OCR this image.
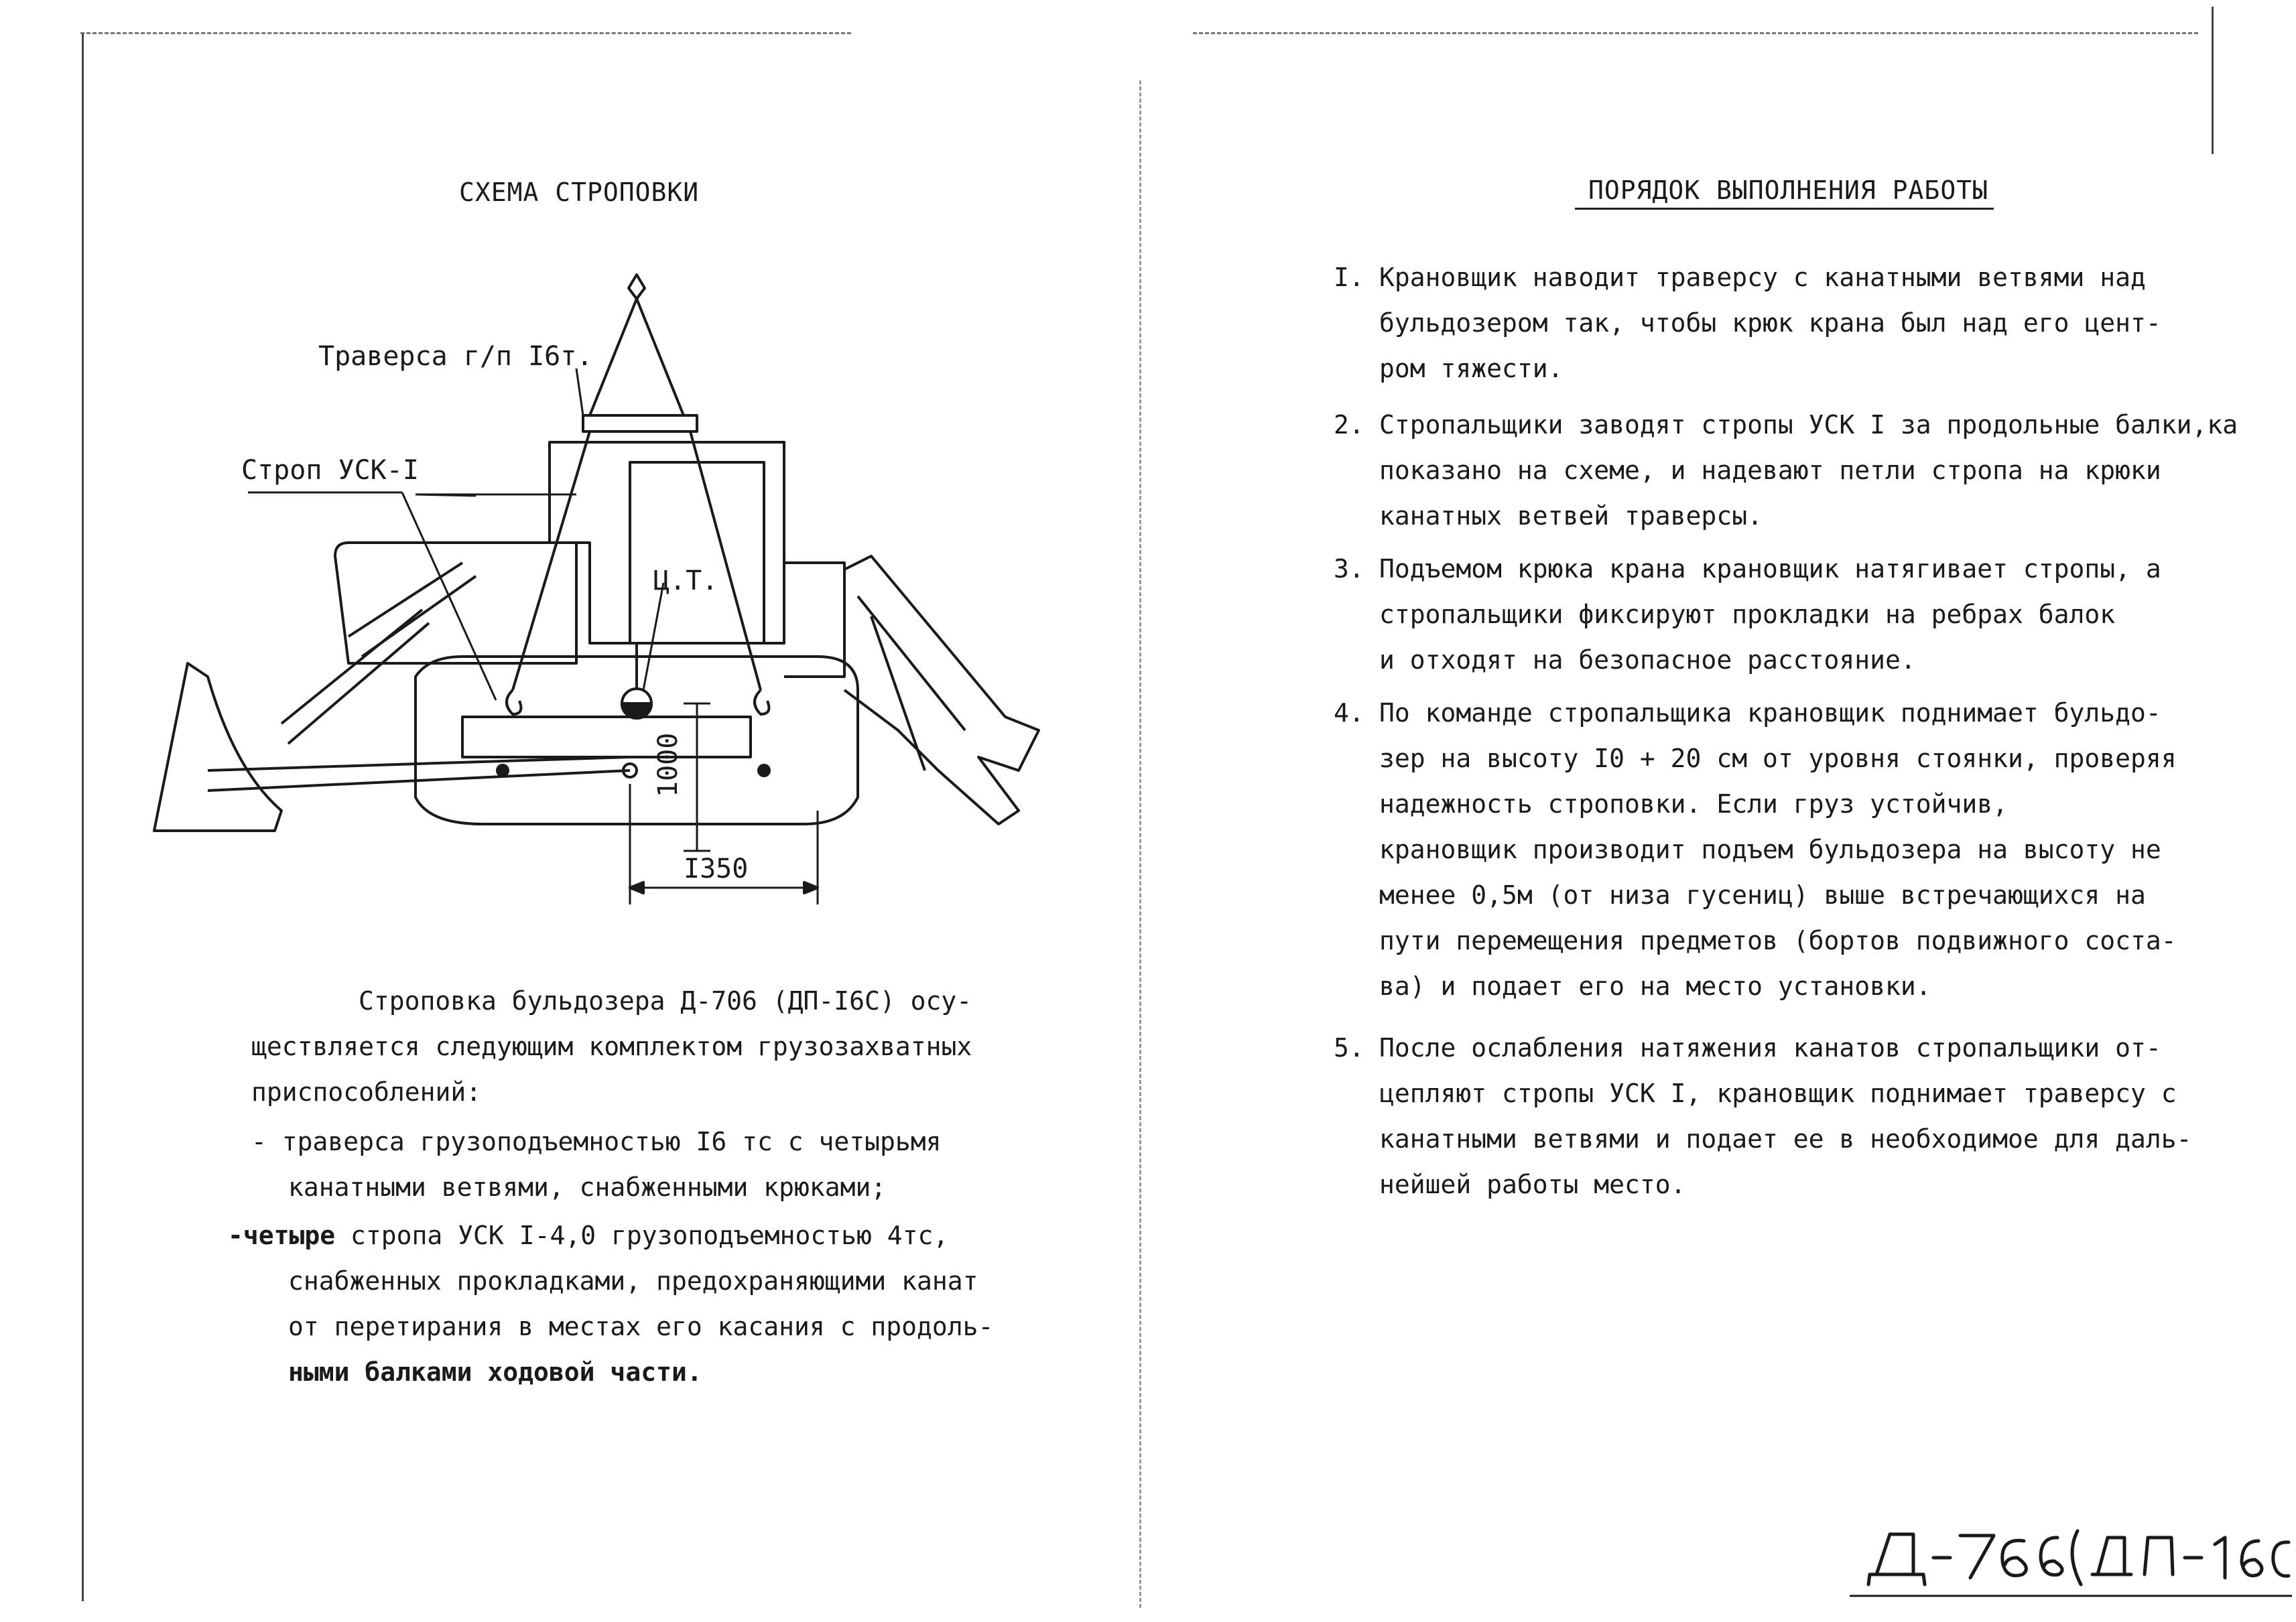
СХЕМА СТРОПОВКИ
Траверса г/п I6т.
Строп УСК-I
Ц.Т.
1000
I350
Строповка бульдозера Д-706 (ДП-I6С) осу-
ществляется следующим комплектом грузозахватных
приспособлений:
- траверса грузоподъемностью I6 тс с четырьмя
канатными ветвями, снабженными крюками;
-четыре стропа УСК I-4,0 грузоподъемностью 4тс,
снабженных прокладками, предохраняющими канат
от перетирания в местах его касания с продоль-
ными балками ходовой части.
ПОРЯДОК ВЫПОЛНЕНИЯ РАБОТЫ
I. Крановщик наводит траверсу с канатными ветвями над
бульдозером так, чтобы крюк крана был над его цент-
ром тяжести.
2. Стропальщики заводят стропы УСК I за продольные балки,ка
показано на схеме, и надевают петли стропа на крюки
канатных ветвей траверсы.
3. Подъемом крюка крана крановщик натягивает стропы, а
стропальщики фиксируют прокладки на ребрах балок
и отходят на безопасное расстояние.
4. По команде стропальщика крановщик поднимает бульдо-
зер на высоту I0 + 20 см от уровня стоянки, проверяя
надежность строповки. Если груз устойчив,
крановщик производит подъем бульдозера на высоту не
менее 0,5м (от низа гусениц) выше встречающихся на
пути перемещения предметов (бортов подвижного соста-
ва) и подает его на место установки.
5. После ослабления натяжения канатов стропальщики от-
цепляют стропы УСК I, крановщик поднимает траверсу с
канатными ветвями и подает ее в необходимое для даль-
нейшей работы место.
